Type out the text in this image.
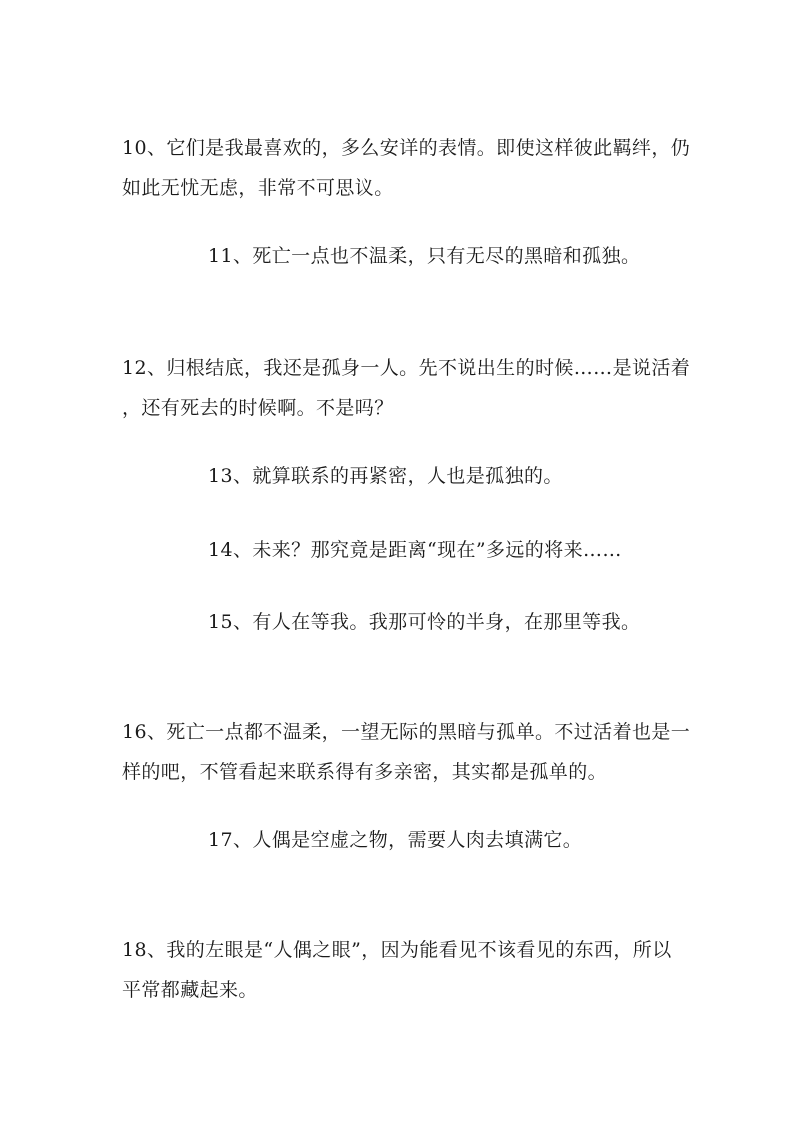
10、它们是我最喜欢的，多么安详的表情。即使这样彼此羁绊，仍
如此无忧无虑，非常不可思议。

11、死亡一点也不温柔，只有无尽的黑暗和孤独。

12、归根结底，我还是孤身一人。先不说出生的时候……是说活着
，还有死去的时候啊。不是吗？

13、就算联系的再紧密，人也是孤独的。

14、未来？那究竟是距离“现在”多远的将来……

15、有人在等我。我那可怜的半身，在那里等我。

16、死亡一点都不温柔，一望无际的黑暗与孤单。不过活着也是一
样的吧，不管看起来联系得有多亲密，其实都是孤单的。

17、人偶是空虚之物，需要人肉去填满它。

18、我的左眼是“人偶之眼”，因为能看见不该看见的东西，所以
平常都藏起来。
